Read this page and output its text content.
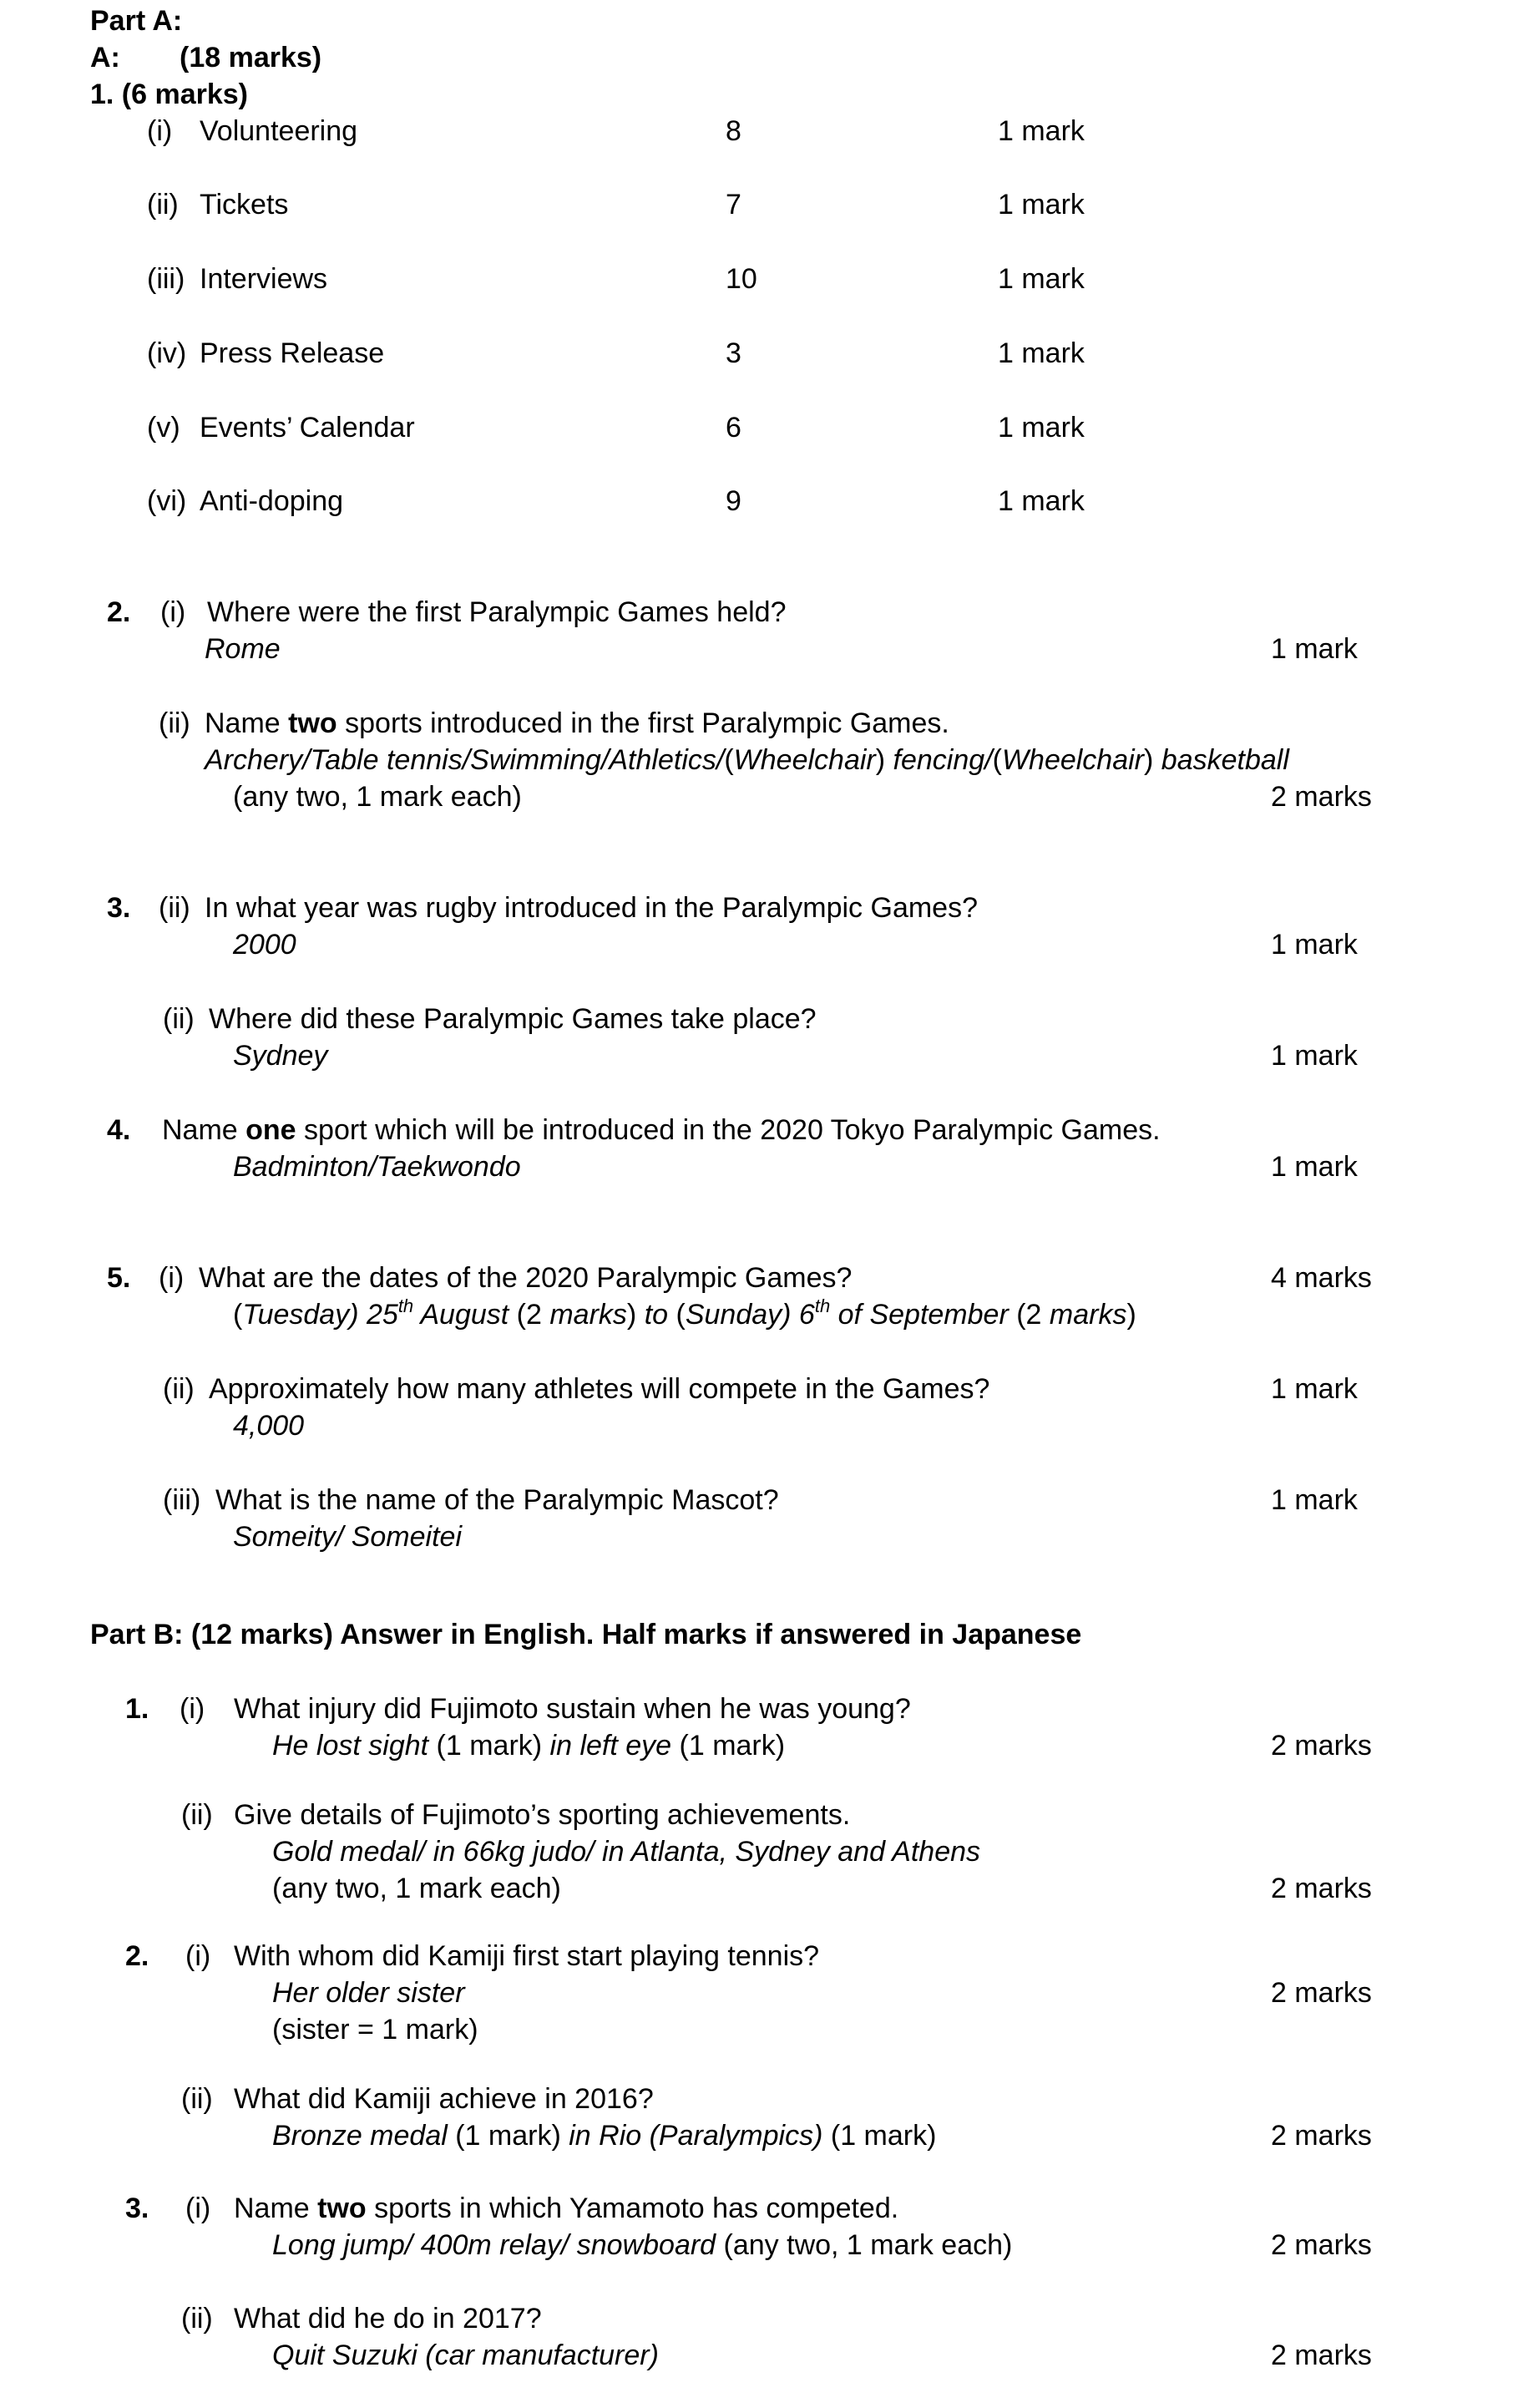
Part A:
A: (18 marks)
1. (6 marks)
(i) Volunteering	8	1 mark
(ii) Tickets	7	1 mark
(iii) Interviews	10	1 mark
(iv) Press Release	3	1 mark
(v) Events’ Calendar	6	1 mark
(vi) Anti-doping	9	1 mark
2. (i) Where were the first Paralympic Games held?
Rome	1 mark
(ii) Name two sports introduced in the first Paralympic Games.
Archery/Table tennis/Swimming/Athletics/(Wheelchair) fencing/(Wheelchair) basketball
(any two, 1 mark each)	2 marks
3. (ii) In what year was rugby introduced in the Paralympic Games?
2000	1 mark
(ii) Where did these Paralympic Games take place?
Sydney	1 mark
4. Name one sport which will be introduced in the 2020 Tokyo Paralympic Games.
Badminton/Taekwondo	1 mark
5. (i) What are the dates of the 2020 Paralympic Games?	4 marks
(Tuesday) 25th August (2 marks) to (Sunday) 6th of September (2 marks)
(ii) Approximately how many athletes will compete in the Games?	1 mark
4,000
(iii) What is the name of the Paralympic Mascot?	1 mark
Someity/ Someitei
Part B: (12 marks) Answer in English. Half marks if answered in Japanese
1. (i) What injury did Fujimoto sustain when he was young?
He lost sight (1 mark) in left eye (1 mark)	2 marks
(ii) Give details of Fujimoto’s sporting achievements.
Gold medal/ in 66kg judo/ in Atlanta, Sydney and Athens
(any two, 1 mark each)	2 marks
2. (i) With whom did Kamiji first start playing tennis?
Her older sister	2 marks
(sister = 1 mark)
(ii) What did Kamiji achieve in 2016?
Bronze medal (1 mark) in Rio (Paralympics) (1 mark)	2 marks
3. (i) Name two sports in which Yamamoto has competed.
Long jump/ 400m relay/ snowboard (any two, 1 mark each)	2 marks
(ii) What did he do in 2017?
Quit Suzuki (car manufacturer)	2 marks
